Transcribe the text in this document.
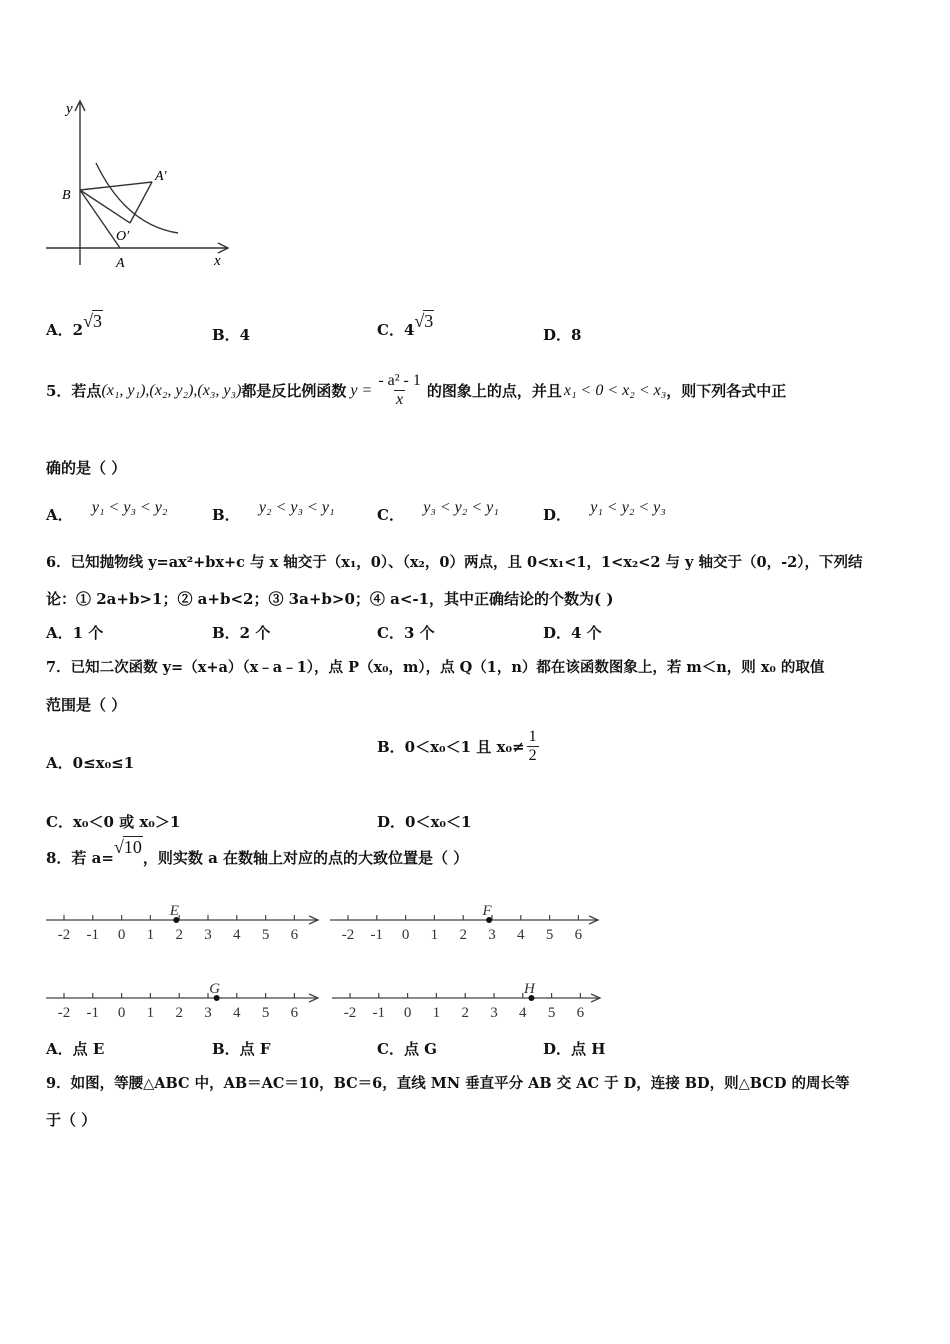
y
x
B
A′
O′
A
A．2√3
B．4	C．4√3
D．8
5．若点 (x₁, y₁),(x₂, y₂),(x₃, y₃) 都是反比例函数 $y = \frac{\text{- a² - 1}}{x}$ 的图象上的点，并且 x₁ < 0 < x₂ < x₃ ，则下列各式中正
确的是（ ）
A． y₁ < y₃ < y₂	B． y₂ < y₃ < y₁	C． y₃ < y₂ < y₁	D． y₁ < y₂ < y₃
6．已知抛物线 y=ax²+bx+c 与 x 轴交于（x₁，0）、（x₂，0）两点，且 0<x₁<1，1<x₂<2 与 y 轴交于（0，-2），下列结
论：① 2a+b>1；② a+b<2；③ 3a+b>0；④ a<-1，其中正确结论的个数为( )
A．1 个	B．2 个	C．3 个	D．4 个
7．已知二次函数 y=（x+a）（x﹣a﹣1），点 P（x₀，m），点 Q（1，n）都在该函数图象上，若 m＜n，则 x₀ 的取值
范围是（ ）
A．0≤x₀≤1
B．0＜x₀＜1 且 $x_0\ne \frac{1}{2}$
C．x₀＜0 或 x₀＞1	D．0＜x₀＜1
8．若 a=√10，则实数 a 在数轴上对应的点的大致位置是（ ）
-2 -1 0 1 2 3 4 5 6
E
-2 -1 0 1 2 3 4 5 6
F
-2 -1 0 1 2 3 4 5 6
G
-2 -1 0 1 2 3 4 5 6
H
A．点 E	B．点 F	C．点 G	D．点 H
9．如图，等腰△ABC 中，AB＝AC＝10，BC＝6，直线 MN 垂直平分 AB 交 AC 于 D，连接 BD，则△BCD 的周长等
于（ ）
